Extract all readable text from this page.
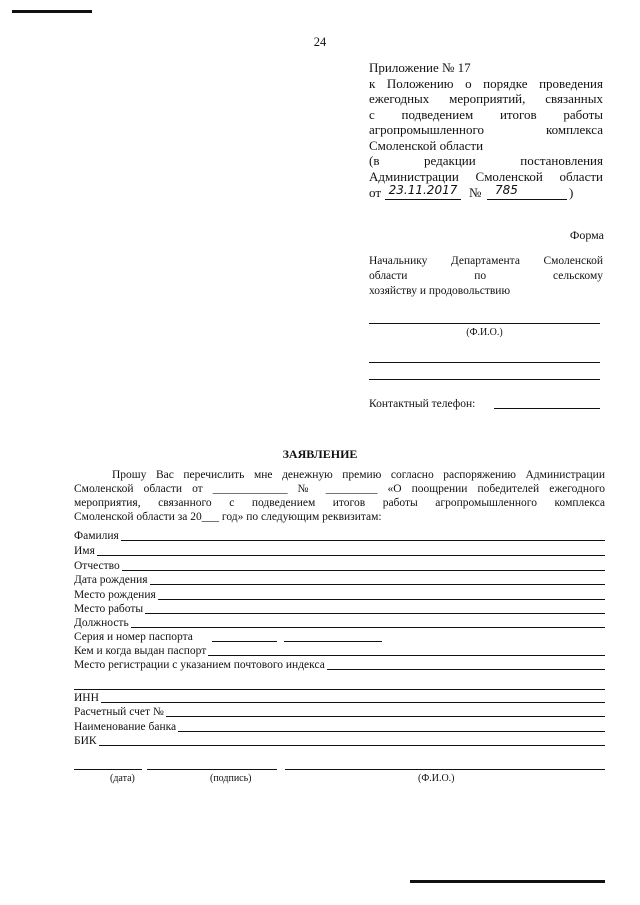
24
Приложение № 17
к Положению о порядке проведения
ежегодных мероприятий, связанных
с подведением итогов работы
агропромышленного комплекса
Смоленской области
(в редакции постановления
Администрации Смоленской области
от 23.11.2017 №	785	)
Форма
Начальнику Департамента Смоленской
области по сельскому
хозяйству и продовольствию
(Ф.И.О.)
Контактный телефон:
ЗАЯВЛЕНИЕ
Прошу Вас перечислить мне денежную премию согласно распоряжению Администрации
Смоленской области от _____________ № _________ «О поощрении победителей ежегодного
мероприятия, связанного с подведением итогов работы агропромышленного комплекса
Смоленской области за 20___ год» по следующим реквизитам:
Фамилия
Имя
Отчество
Дата рождения
Место рождения
Место работы
Должность
Серия и номер паспорта
Кем и когда выдан паспорт
Место регистрации с указанием почтового индекса
ИНН
Расчетный счет №
Наименование банка
БИК
(дата)	(подпись)	(Ф.И.О.)
